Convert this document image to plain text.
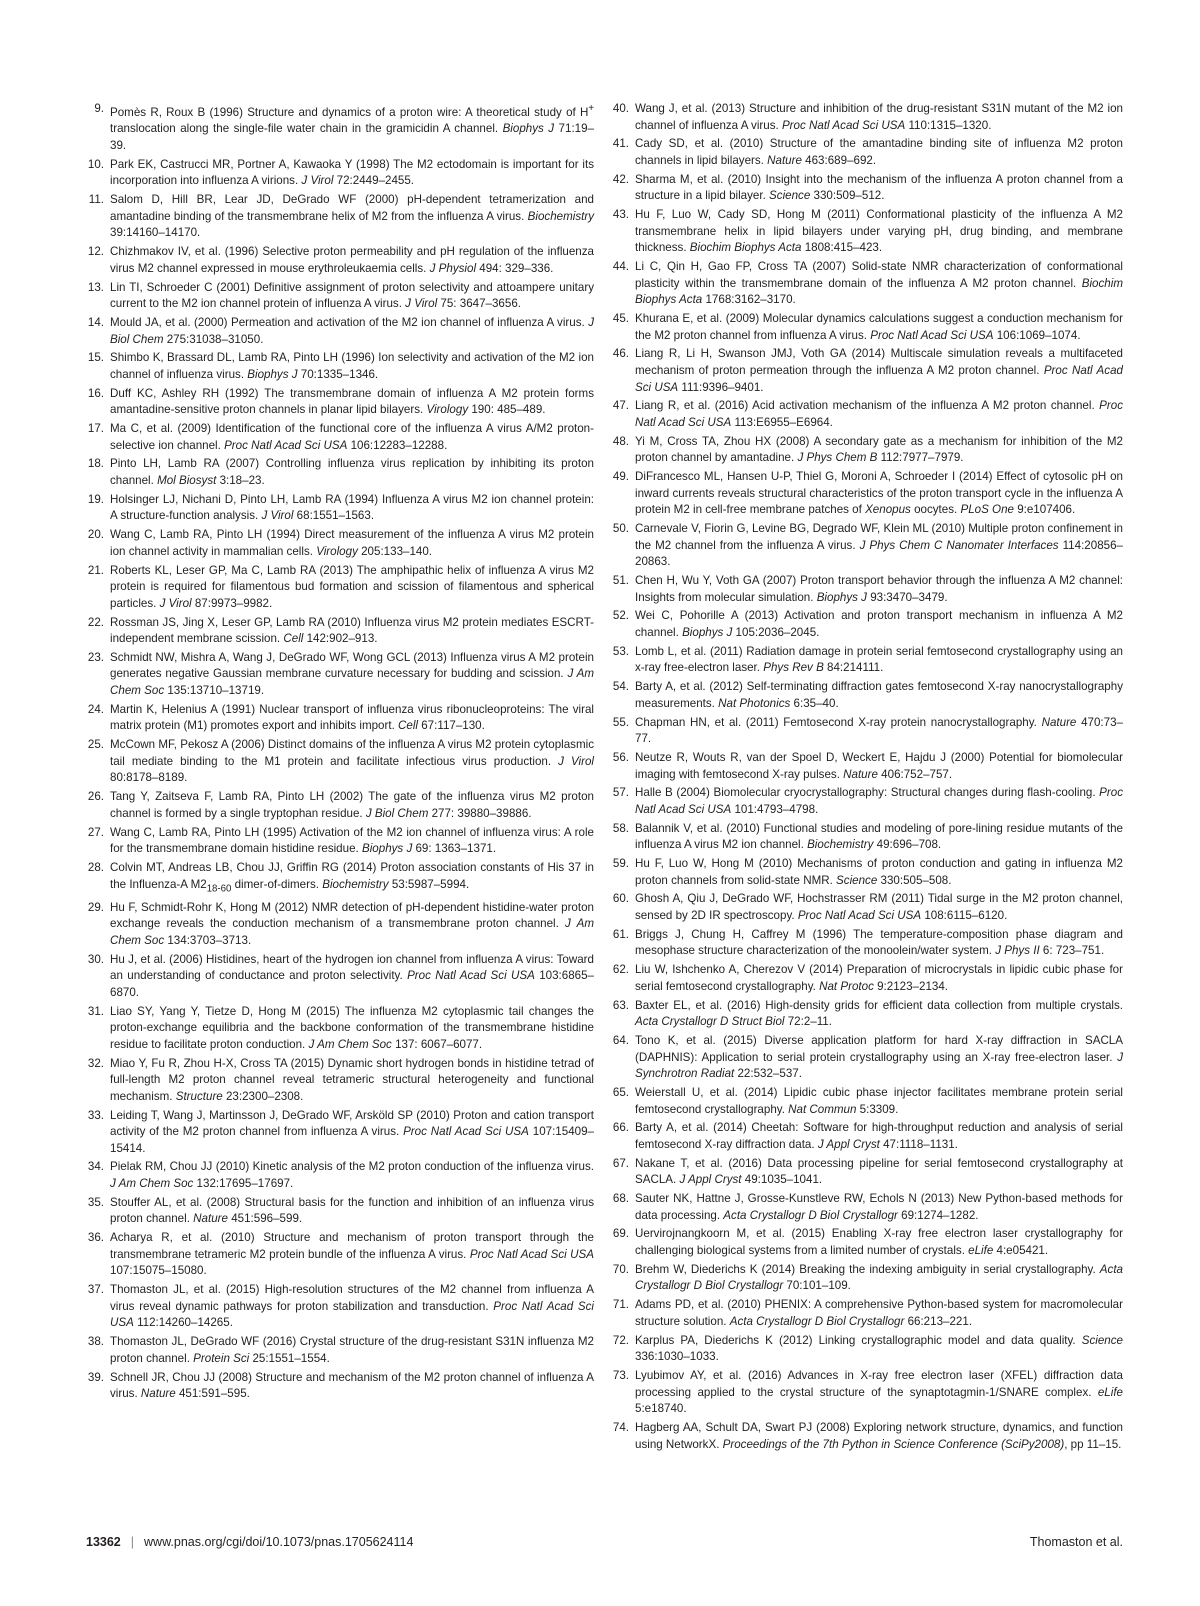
9. Pomès R, Roux B (1996) Structure and dynamics of a proton wire: A theoretical study of H+ translocation along the single-file water chain in the gramicidin A channel. Biophys J 71:19–39.
10. Park EK, Castrucci MR, Portner A, Kawaoka Y (1998) The M2 ectodomain is important for its incorporation into influenza A virions. J Virol 72:2449–2455.
11. Salom D, Hill BR, Lear JD, DeGrado WF (2000) pH-dependent tetramerization and amantadine binding of the transmembrane helix of M2 from the influenza A virus. Biochemistry 39:14160–14170.
12. Chizhmakov IV, et al. (1996) Selective proton permeability and pH regulation of the influenza virus M2 channel expressed in mouse erythroleukaemia cells. J Physiol 494: 329–336.
13. Lin TI, Schroeder C (2001) Definitive assignment of proton selectivity and attoampere unitary current to the M2 ion channel protein of influenza A virus. J Virol 75: 3647–3656.
14. Mould JA, et al. (2000) Permeation and activation of the M2 ion channel of influenza A virus. J Biol Chem 275:31038–31050.
15. Shimbo K, Brassard DL, Lamb RA, Pinto LH (1996) Ion selectivity and activation of the M2 ion channel of influenza virus. Biophys J 70:1335–1346.
16. Duff KC, Ashley RH (1992) The transmembrane domain of influenza A M2 protein forms amantadine-sensitive proton channels in planar lipid bilayers. Virology 190: 485–489.
17. Ma C, et al. (2009) Identification of the functional core of the influenza A virus A/M2 proton-selective ion channel. Proc Natl Acad Sci USA 106:12283–12288.
18. Pinto LH, Lamb RA (2007) Controlling influenza virus replication by inhibiting its proton channel. Mol Biosyst 3:18–23.
19. Holsinger LJ, Nichani D, Pinto LH, Lamb RA (1994) Influenza A virus M2 ion channel protein: A structure-function analysis. J Virol 68:1551–1563.
20. Wang C, Lamb RA, Pinto LH (1994) Direct measurement of the influenza A virus M2 protein ion channel activity in mammalian cells. Virology 205:133–140.
21. Roberts KL, Leser GP, Ma C, Lamb RA (2013) The amphipathic helix of influenza A virus M2 protein is required for filamentous bud formation and scission of filamentous and spherical particles. J Virol 87:9973–9982.
22. Rossman JS, Jing X, Leser GP, Lamb RA (2010) Influenza virus M2 protein mediates ESCRT-independent membrane scission. Cell 142:902–913.
23. Schmidt NW, Mishra A, Wang J, DeGrado WF, Wong GCL (2013) Influenza virus A M2 protein generates negative Gaussian membrane curvature necessary for budding and scission. J Am Chem Soc 135:13710–13719.
24. Martin K, Helenius A (1991) Nuclear transport of influenza virus ribonucleoproteins: The viral matrix protein (M1) promotes export and inhibits import. Cell 67:117–130.
25. McCown MF, Pekosz A (2006) Distinct domains of the influenza A virus M2 protein cytoplasmic tail mediate binding to the M1 protein and facilitate infectious virus production. J Virol 80:8178–8189.
26. Tang Y, Zaitseva F, Lamb RA, Pinto LH (2002) The gate of the influenza virus M2 proton channel is formed by a single tryptophan residue. J Biol Chem 277: 39880–39886.
27. Wang C, Lamb RA, Pinto LH (1995) Activation of the M2 ion channel of influenza virus: A role for the transmembrane domain histidine residue. Biophys J 69: 1363–1371.
28. Colvin MT, Andreas LB, Chou JJ, Griffin RG (2014) Proton association constants of His 37 in the Influenza-A $M2_{18-60}$ dimer-of-dimers. Biochemistry 53:5987–5994.
29. Hu F, Schmidt-Rohr K, Hong M (2012) NMR detection of pH-dependent histidine-water proton exchange reveals the conduction mechanism of a transmembrane proton channel. J Am Chem Soc 134:3703–3713.
30. Hu J, et al. (2006) Histidines, heart of the hydrogen ion channel from influenza A virus: Toward an understanding of conductance and proton selectivity. Proc Natl Acad Sci USA 103:6865–6870.
31. Liao SY, Yang Y, Tietze D, Hong M (2015) The influenza M2 cytoplasmic tail changes the proton-exchange equilibria and the backbone conformation of the transmembrane histidine residue to facilitate proton conduction. J Am Chem Soc 137: 6067–6077.
32. Miao Y, Fu R, Zhou H-X, Cross TA (2015) Dynamic short hydrogen bonds in histidine tetrad of full-length M2 proton channel reveal tetrameric structural heterogeneity and functional mechanism. Structure 23:2300–2308.
33. Leiding T, Wang J, Martinsson J, DeGrado WF, Arsköld SP (2010) Proton and cation transport activity of the M2 proton channel from influenza A virus. Proc Natl Acad Sci USA 107:15409–15414.
34. Pielak RM, Chou JJ (2010) Kinetic analysis of the M2 proton conduction of the influenza virus. J Am Chem Soc 132:17695–17697.
35. Stouffer AL, et al. (2008) Structural basis for the function and inhibition of an influenza virus proton channel. Nature 451:596–599.
36. Acharya R, et al. (2010) Structure and mechanism of proton transport through the transmembrane tetrameric M2 protein bundle of the influenza A virus. Proc Natl Acad Sci USA 107:15075–15080.
37. Thomaston JL, et al. (2015) High-resolution structures of the M2 channel from influenza A virus reveal dynamic pathways for proton stabilization and transduction. Proc Natl Acad Sci USA 112:14260–14265.
38. Thomaston JL, DeGrado WF (2016) Crystal structure of the drug-resistant S31N influenza M2 proton channel. Protein Sci 25:1551–1554.
39. Schnell JR, Chou JJ (2008) Structure and mechanism of the M2 proton channel of influenza A virus. Nature 451:591–595.
40. Wang J, et al. (2013) Structure and inhibition of the drug-resistant S31N mutant of the M2 ion channel of influenza A virus. Proc Natl Acad Sci USA 110:1315–1320.
41. Cady SD, et al. (2010) Structure of the amantadine binding site of influenza M2 proton channels in lipid bilayers. Nature 463:689–692.
42. Sharma M, et al. (2010) Insight into the mechanism of the influenza A proton channel from a structure in a lipid bilayer. Science 330:509–512.
43. Hu F, Luo W, Cady SD, Hong M (2011) Conformational plasticity of the influenza A M2 transmembrane helix in lipid bilayers under varying pH, drug binding, and membrane thickness. Biochim Biophys Acta 1808:415–423.
44. Li C, Qin H, Gao FP, Cross TA (2007) Solid-state NMR characterization of conformational plasticity within the transmembrane domain of the influenza A M2 proton channel. Biochim Biophys Acta 1768:3162–3170.
45. Khurana E, et al. (2009) Molecular dynamics calculations suggest a conduction mechanism for the M2 proton channel from influenza A virus. Proc Natl Acad Sci USA 106:1069–1074.
46. Liang R, Li H, Swanson JMJ, Voth GA (2014) Multiscale simulation reveals a multifaceted mechanism of proton permeation through the influenza A M2 proton channel. Proc Natl Acad Sci USA 111:9396–9401.
47. Liang R, et al. (2016) Acid activation mechanism of the influenza A M2 proton channel. Proc Natl Acad Sci USA 113:E6955–E6964.
48. Yi M, Cross TA, Zhou HX (2008) A secondary gate as a mechanism for inhibition of the M2 proton channel by amantadine. J Phys Chem B 112:7977–7979.
49. DiFrancesco ML, Hansen U-P, Thiel G, Moroni A, Schroeder I (2014) Effect of cytosolic pH on inward currents reveals structural characteristics of the proton transport cycle in the influenza A protein M2 in cell-free membrane patches of Xenopus oocytes. PLoS One 9:e107406.
50. Carnevale V, Fiorin G, Levine BG, Degrado WF, Klein ML (2010) Multiple proton confinement in the M2 channel from the influenza A virus. J Phys Chem C Nanomater Interfaces 114:20856–20863.
51. Chen H, Wu Y, Voth GA (2007) Proton transport behavior through the influenza A M2 channel: Insights from molecular simulation. Biophys J 93:3470–3479.
52. Wei C, Pohorille A (2013) Activation and proton transport mechanism in influenza A M2 channel. Biophys J 105:2036–2045.
53. Lomb L, et al. (2011) Radiation damage in protein serial femtosecond crystallography using an x-ray free-electron laser. Phys Rev B 84:214111.
54. Barty A, et al. (2012) Self-terminating diffraction gates femtosecond X-ray nanocrystallography measurements. Nat Photonics 6:35–40.
55. Chapman HN, et al. (2011) Femtosecond X-ray protein nanocrystallography. Nature 470:73–77.
56. Neutze R, Wouts R, van der Spoel D, Weckert E, Hajdu J (2000) Potential for biomolecular imaging with femtosecond X-ray pulses. Nature 406:752–757.
57. Halle B (2004) Biomolecular cryocrystallography: Structural changes during flash-cooling. Proc Natl Acad Sci USA 101:4793–4798.
58. Balannik V, et al. (2010) Functional studies and modeling of pore-lining residue mutants of the influenza A virus M2 ion channel. Biochemistry 49:696–708.
59. Hu F, Luo W, Hong M (2010) Mechanisms of proton conduction and gating in influenza M2 proton channels from solid-state NMR. Science 330:505–508.
60. Ghosh A, Qiu J, DeGrado WF, Hochstrasser RM (2011) Tidal surge in the M2 proton channel, sensed by 2D IR spectroscopy. Proc Natl Acad Sci USA 108:6115–6120.
61. Briggs J, Chung H, Caffrey M (1996) The temperature-composition phase diagram and mesophase structure characterization of the monoolein/water system. J Phys II 6: 723–751.
62. Liu W, Ishchenko A, Cherezov V (2014) Preparation of microcrystals in lipidic cubic phase for serial femtosecond crystallography. Nat Protoc 9:2123–2134.
63. Baxter EL, et al. (2016) High-density grids for efficient data collection from multiple crystals. Acta Crystallogr D Struct Biol 72:2–11.
64. Tono K, et al. (2015) Diverse application platform for hard X-ray diffraction in SACLA (DAPHNIS): Application to serial protein crystallography using an X-ray free-electron laser. J Synchrotron Radiat 22:532–537.
65. Weierstall U, et al. (2014) Lipidic cubic phase injector facilitates membrane protein serial femtosecond crystallography. Nat Commun 5:3309.
66. Barty A, et al. (2014) Cheetah: Software for high-throughput reduction and analysis of serial femtosecond X-ray diffraction data. J Appl Cryst 47:1118–1131.
67. Nakane T, et al. (2016) Data processing pipeline for serial femtosecond crystallography at SACLA. J Appl Cryst 49:1035–1041.
68. Sauter NK, Hattne J, Grosse-Kunstleve RW, Echols N (2013) New Python-based methods for data processing. Acta Crystallogr D Biol Crystallogr 69:1274–1282.
69. Uervirojnangkoorn M, et al. (2015) Enabling X-ray free electron laser crystallography for challenging biological systems from a limited number of crystals. eLife 4:e05421.
70. Brehm W, Diederichs K (2014) Breaking the indexing ambiguity in serial crystallography. Acta Crystallogr D Biol Crystallogr 70:101–109.
71. Adams PD, et al. (2010) PHENIX: A comprehensive Python-based system for macromolecular structure solution. Acta Crystallogr D Biol Crystallogr 66:213–221.
72. Karplus PA, Diederichs K (2012) Linking crystallographic model and data quality. Science 336:1030–1033.
73. Lyubimov AY, et al. (2016) Advances in X-ray free electron laser (XFEL) diffraction data processing applied to the crystal structure of the synaptotagmin-1/SNARE complex. eLife 5:e18740.
74. Hagberg AA, Schult DA, Swart PJ (2008) Exploring network structure, dynamics, and function using NetworkX. Proceedings of the 7th Python in Science Conference (SciPy2008), pp 11–15.
13362 | www.pnas.org/cgi/doi/10.1073/pnas.1705624114	Thomaston et al.
